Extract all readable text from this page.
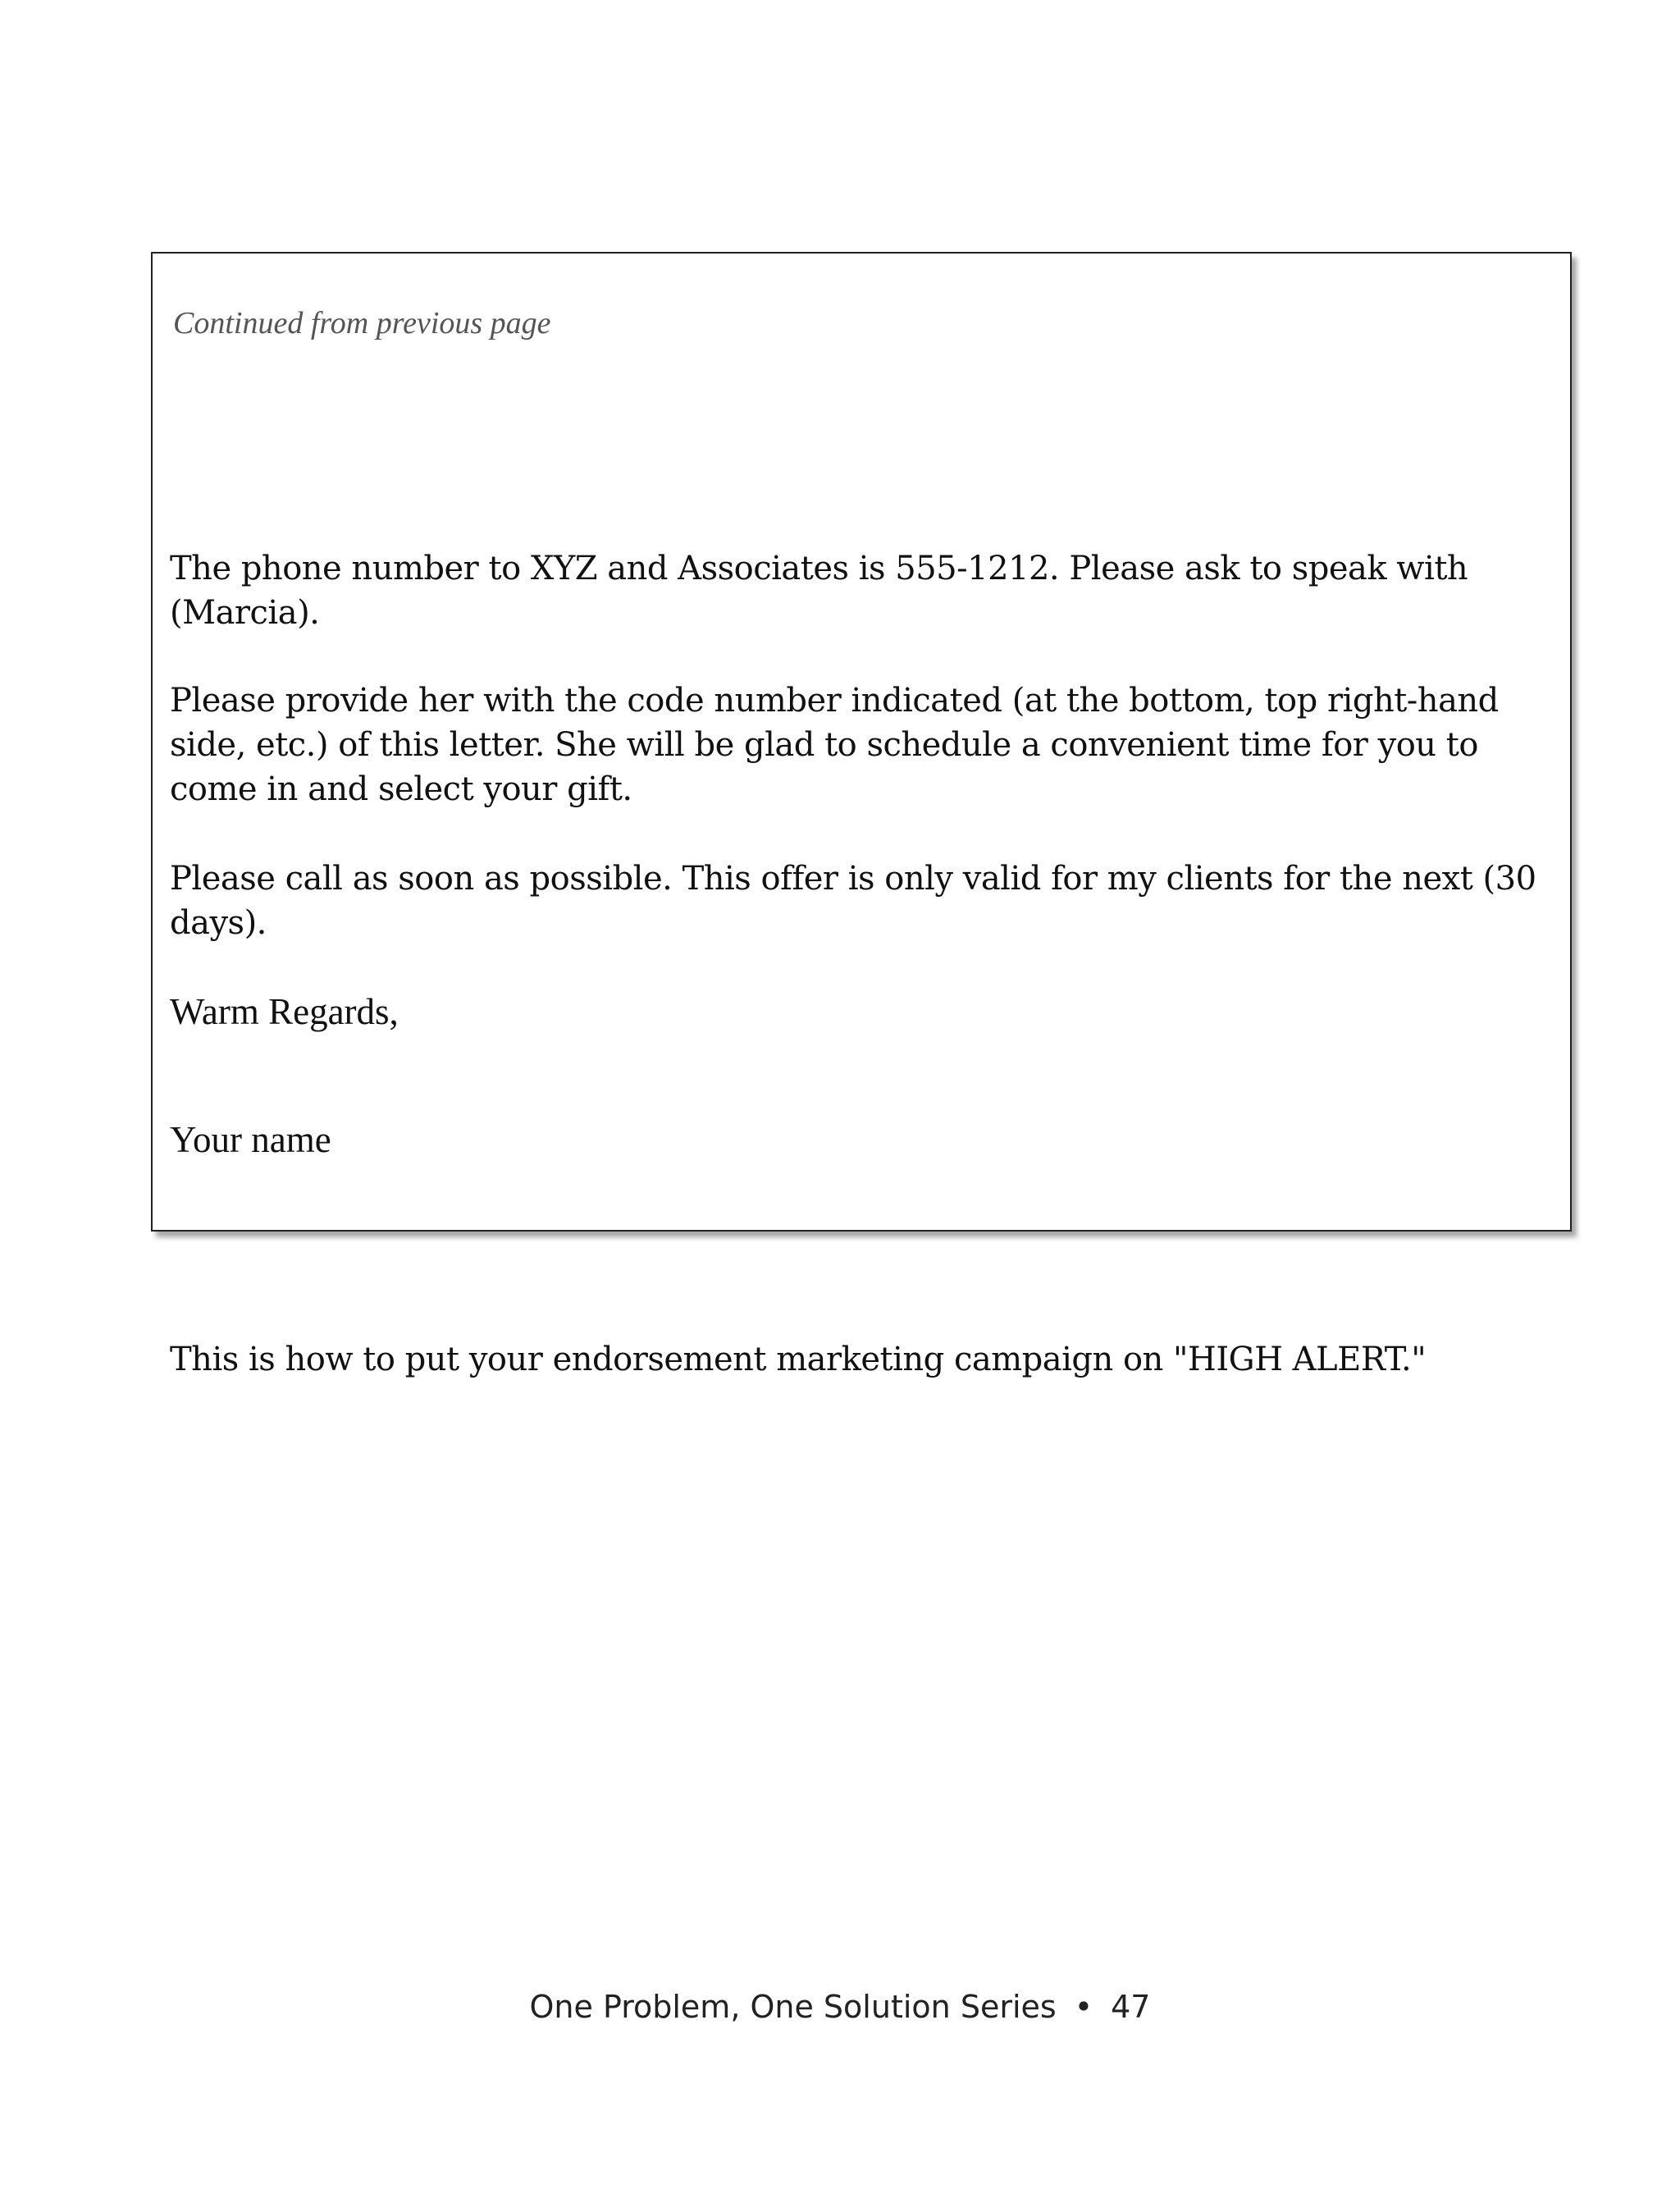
Continued from previous page
The phone number to XYZ and Associates is 555-1212. Please ask to speak with (Marcia).
Please provide her with the code number indicated (at the bottom, top right-hand side, etc.) of this letter. She will be glad to schedule a convenient time for you to come in and select your gift.
Please call as soon as possible. This offer is only valid for my clients for the next (30 days).
Warm Regards,
Your name
This is how to put your endorsement marketing campaign on "HIGH ALERT."
One Problem, One Solution Series • 47
